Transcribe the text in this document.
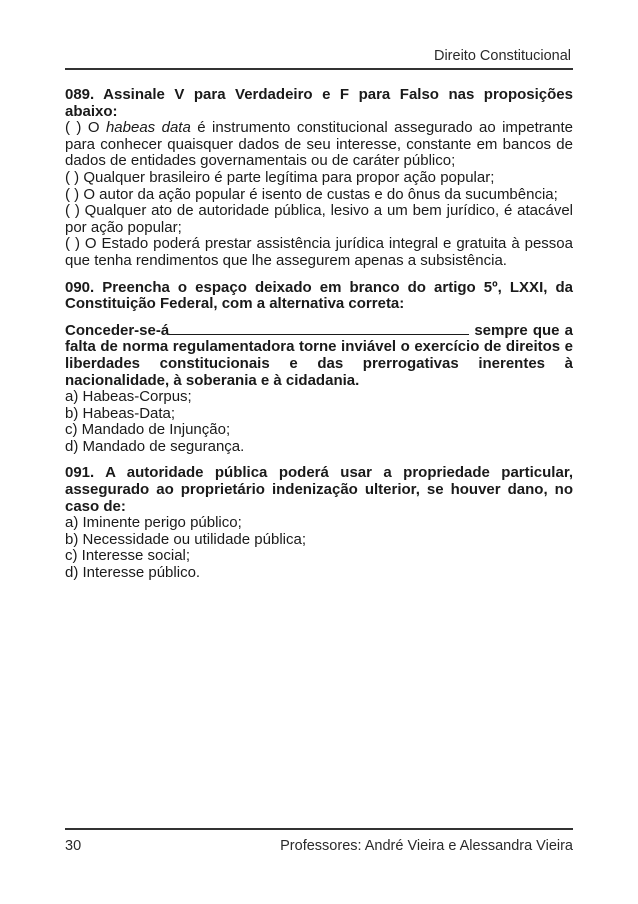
Direito Constitucional

089. Assinale V para Verdadeiro e F para Falso nas proposições abaixo:

( ) O habeas data é instrumento constitucional assegurado ao impetrante para conhecer quaisquer dados de seu interesse, constante em bancos de dados de entidades governamentais ou de caráter público;

( ) Qualquer brasileiro é parte legítima para propor ação popular;

( ) O autor da ação popular é isento de custas e do ônus da sucumbência;

( ) Qualquer ato de autoridade pública, lesivo a um bem jurídico, é atacável por ação popular;

( ) O Estado poderá prestar assistência jurídica integral e gratuita à pessoa que tenha rendimentos que lhe assegurem apenas a subsistência.

090. Preencha o espaço deixado em branco do artigo 5º, LXXI, da Constituição Federal, com a alternativa correta:

Conceder-se-á	sempre que a falta de norma regulamentadora torne inviável o exercício de direitos e liberdades constitucionais e das prerrogativas inerentes à nacionalidade, à soberania e à cidadania.

a) Habeas-Corpus;

b) Habeas-Data;

c) Mandado de Injunção;

d) Mandado de segurança.

091. A autoridade pública poderá usar a propriedade particular, assegurado ao proprietário indenização ulterior, se houver dano, no caso de:

a) Iminente perigo público;

b) Necessidade ou utilidade pública;

c) Interesse social;

d) Interesse público.

30	Professores: André Vieira e Alessandra Vieira
